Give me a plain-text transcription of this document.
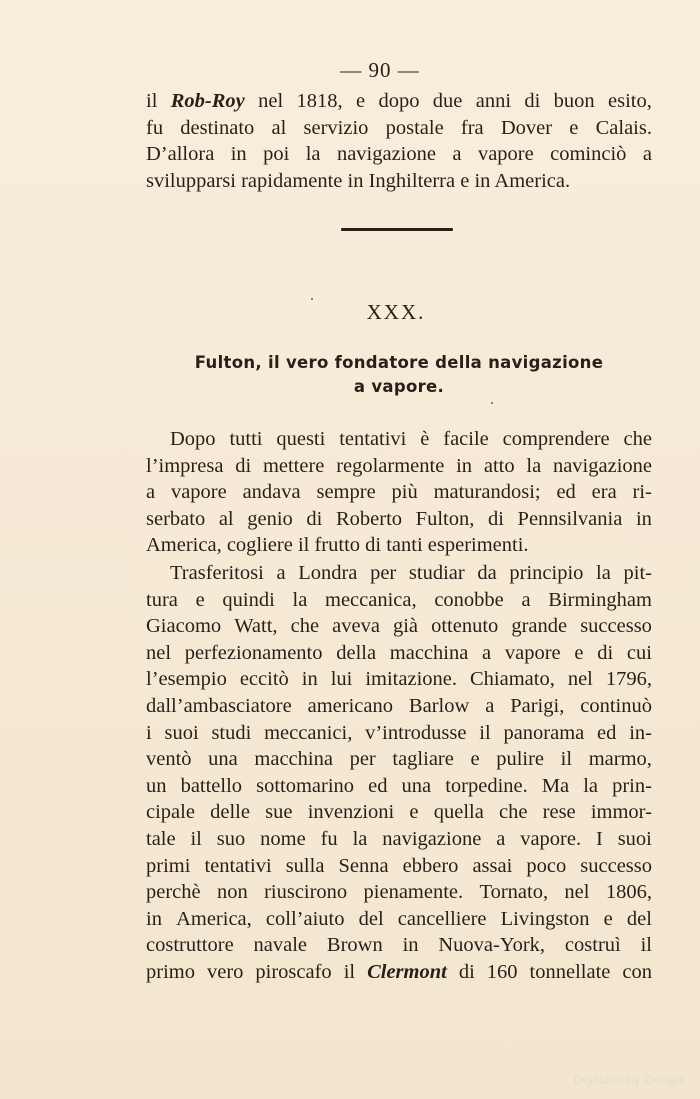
— 90 —
il Rob-Roy nel 1818, e dopo due anni di buon esito,
fu destinato al servizio postale fra Dover e Calais.
D’allora in poi la navigazione a vapore cominciò a
svilupparsi rapidamente in Inghilterra e in America.
XXX.
Fulton, il vero fondatore della navigazione
a vapore.
Dopo tutti questi tentativi è facile comprendere che
l’impresa di mettere regolarmente in atto la navigazione
a vapore andava sempre più maturandosi; ed era ri-
serbato al genio di Roberto Fulton, di Pennsilvania in
America, cogliere il frutto di tanti esperimenti.
Trasferitosi a Londra per studiar da principio la pit-
tura e quindi la meccanica, conobbe a Birmingham
Giacomo Watt, che aveva già ottenuto grande successo
nel perfezionamento della macchina a vapore e di cui
l’esempio eccitò in lui imitazione. Chiamato, nel 1796,
dall’ambasciatore americano Barlow a Parigi, continuò
i suoi studi meccanici, v’introdusse il panorama ed in-
ventò una macchina per tagliare e pulire il marmo,
un battello sottomarino ed una torpedine. Ma la prin-
cipale delle sue invenzioni e quella che rese immor-
tale il suo nome fu la navigazione a vapore. I suoi
primi tentativi sulla Senna ebbero assai poco successo
perchè non riuscirono pienamente. Tornato, nel 1806,
in America, coll’aiuto del cancelliere Livingston e del
costruttore navale Brown in Nuova-York, costruì il
primo vero piroscafo il Clermont di 160 tonnellate con
Digitized by Google
